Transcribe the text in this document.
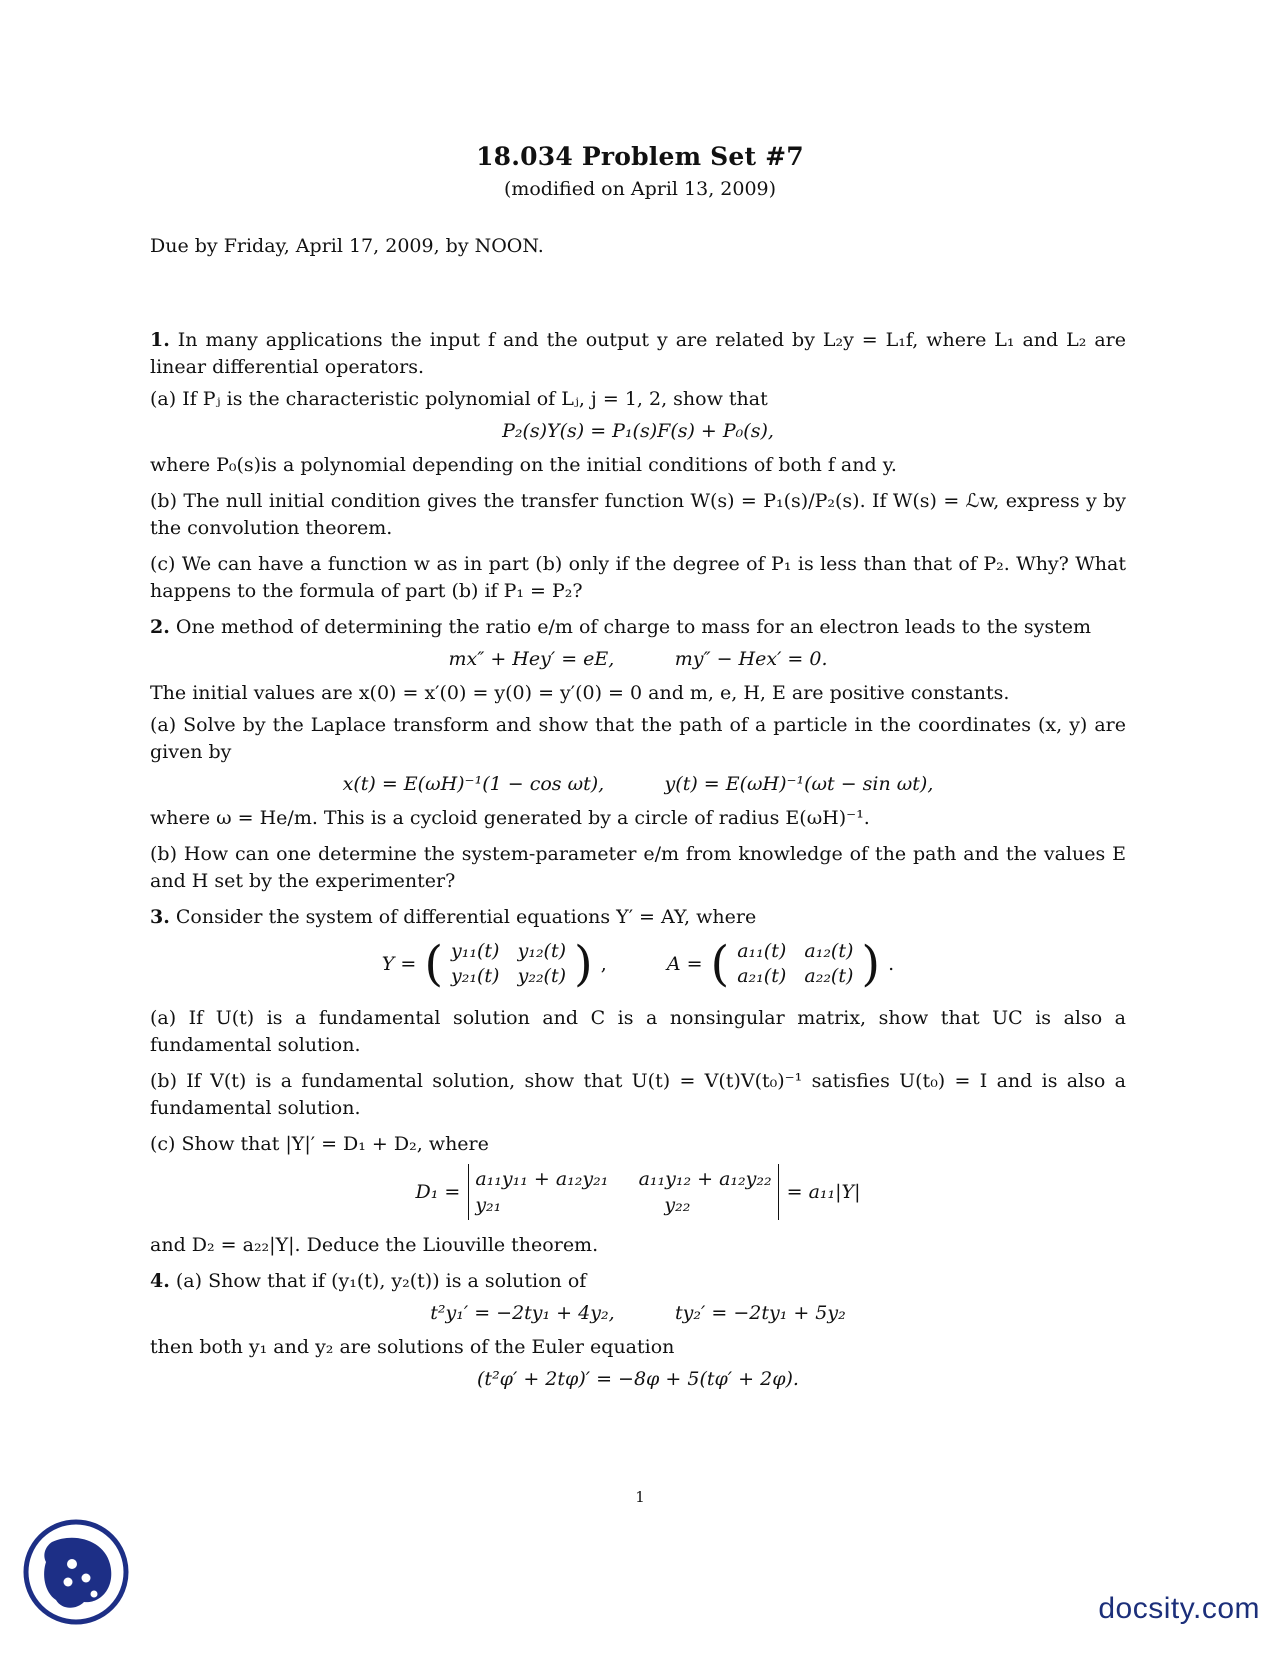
18.034 Problem Set #7
(modified on April 13, 2009)
Due by Friday, April 17, 2009, by NOON.

1. In many applications the input f and the output y are related by L₂y = L₁f, where L₁ and L₂ are linear differential operators.

(a) If Pⱼ is the characteristic polynomial of Lⱼ, j = 1, 2, show that

P₂(s)Y(s) = P₁(s)F(s) + P₀(s),

where P₀(s)is a polynomial depending on the initial conditions of both f and y.

(b) The null initial condition gives the transfer function W(s) = P₁(s)/P₂(s). If W(s) = ℒw, express y by the convolution theorem.

(c) We can have a function w as in part (b) only if the degree of P₁ is less than that of P₂. Why? What happens to the formula of part (b) if P₁ = P₂?

2. One method of determining the ratio e/m of charge to mass for an electron leads to the system

mx″ + Hey′ = eE,          my″ − Hex′ = 0.

The initial values are x(0) = x′(0) = y(0) = y′(0) = 0 and m, e, H, E are positive constants.

(a) Solve by the Laplace transform and show that the path of a particle in the coordinates (x, y) are given by

x(t) = E(ωH)⁻¹(1 − cos ωt),          y(t) = E(ωH)⁻¹(ωt − sin ωt),

where ω = He/m. This is a cycloid generated by a circle of radius E(ωH)⁻¹.

(b) How can one determine the system-parameter e/m from knowledge of the path and the values E and H set by the experimenter?

3. Consider the system of differential equations Y′ = AY, where

Y = ( y₁₁(t)   y₁₂(t)
y₂₁(t)   y₂₂(t) ) ,	A = ( a₁₁(t)   a₁₂(t)
a₂₁(t)   a₂₂(t) ) .

(a) If U(t) is a fundamental solution and C is a nonsingular matrix, show that UC is also a fundamental solution.

(b) If V(t) is a fundamental solution, show that U(t) = V(t)V(t₀)⁻¹ satisfies U(t₀) = I and is also a fundamental solution.

(c) Show that |Y|′ = D₁ + D₂, where

D₁ =
a₁₁y₁₁ + a₁₂y₂₁     a₁₁y₁₂ + a₁₂y₂₂
y₂₁                           y₂₂
= a₁₁|Y|

and D₂ = a₂₂|Y|. Deduce the Liouville theorem.

4. (a) Show that if (y₁(t), y₂(t)) is a solution of

t²y₁′ = −2ty₁ + 4y₂,          ty₂′ = −2ty₁ + 5y₂

then both y₁ and y₂ are solutions of the Euler equation

(t²φ′ + 2tφ)′ = −8φ + 5(tφ′ + 2φ).
1
docsity.com
